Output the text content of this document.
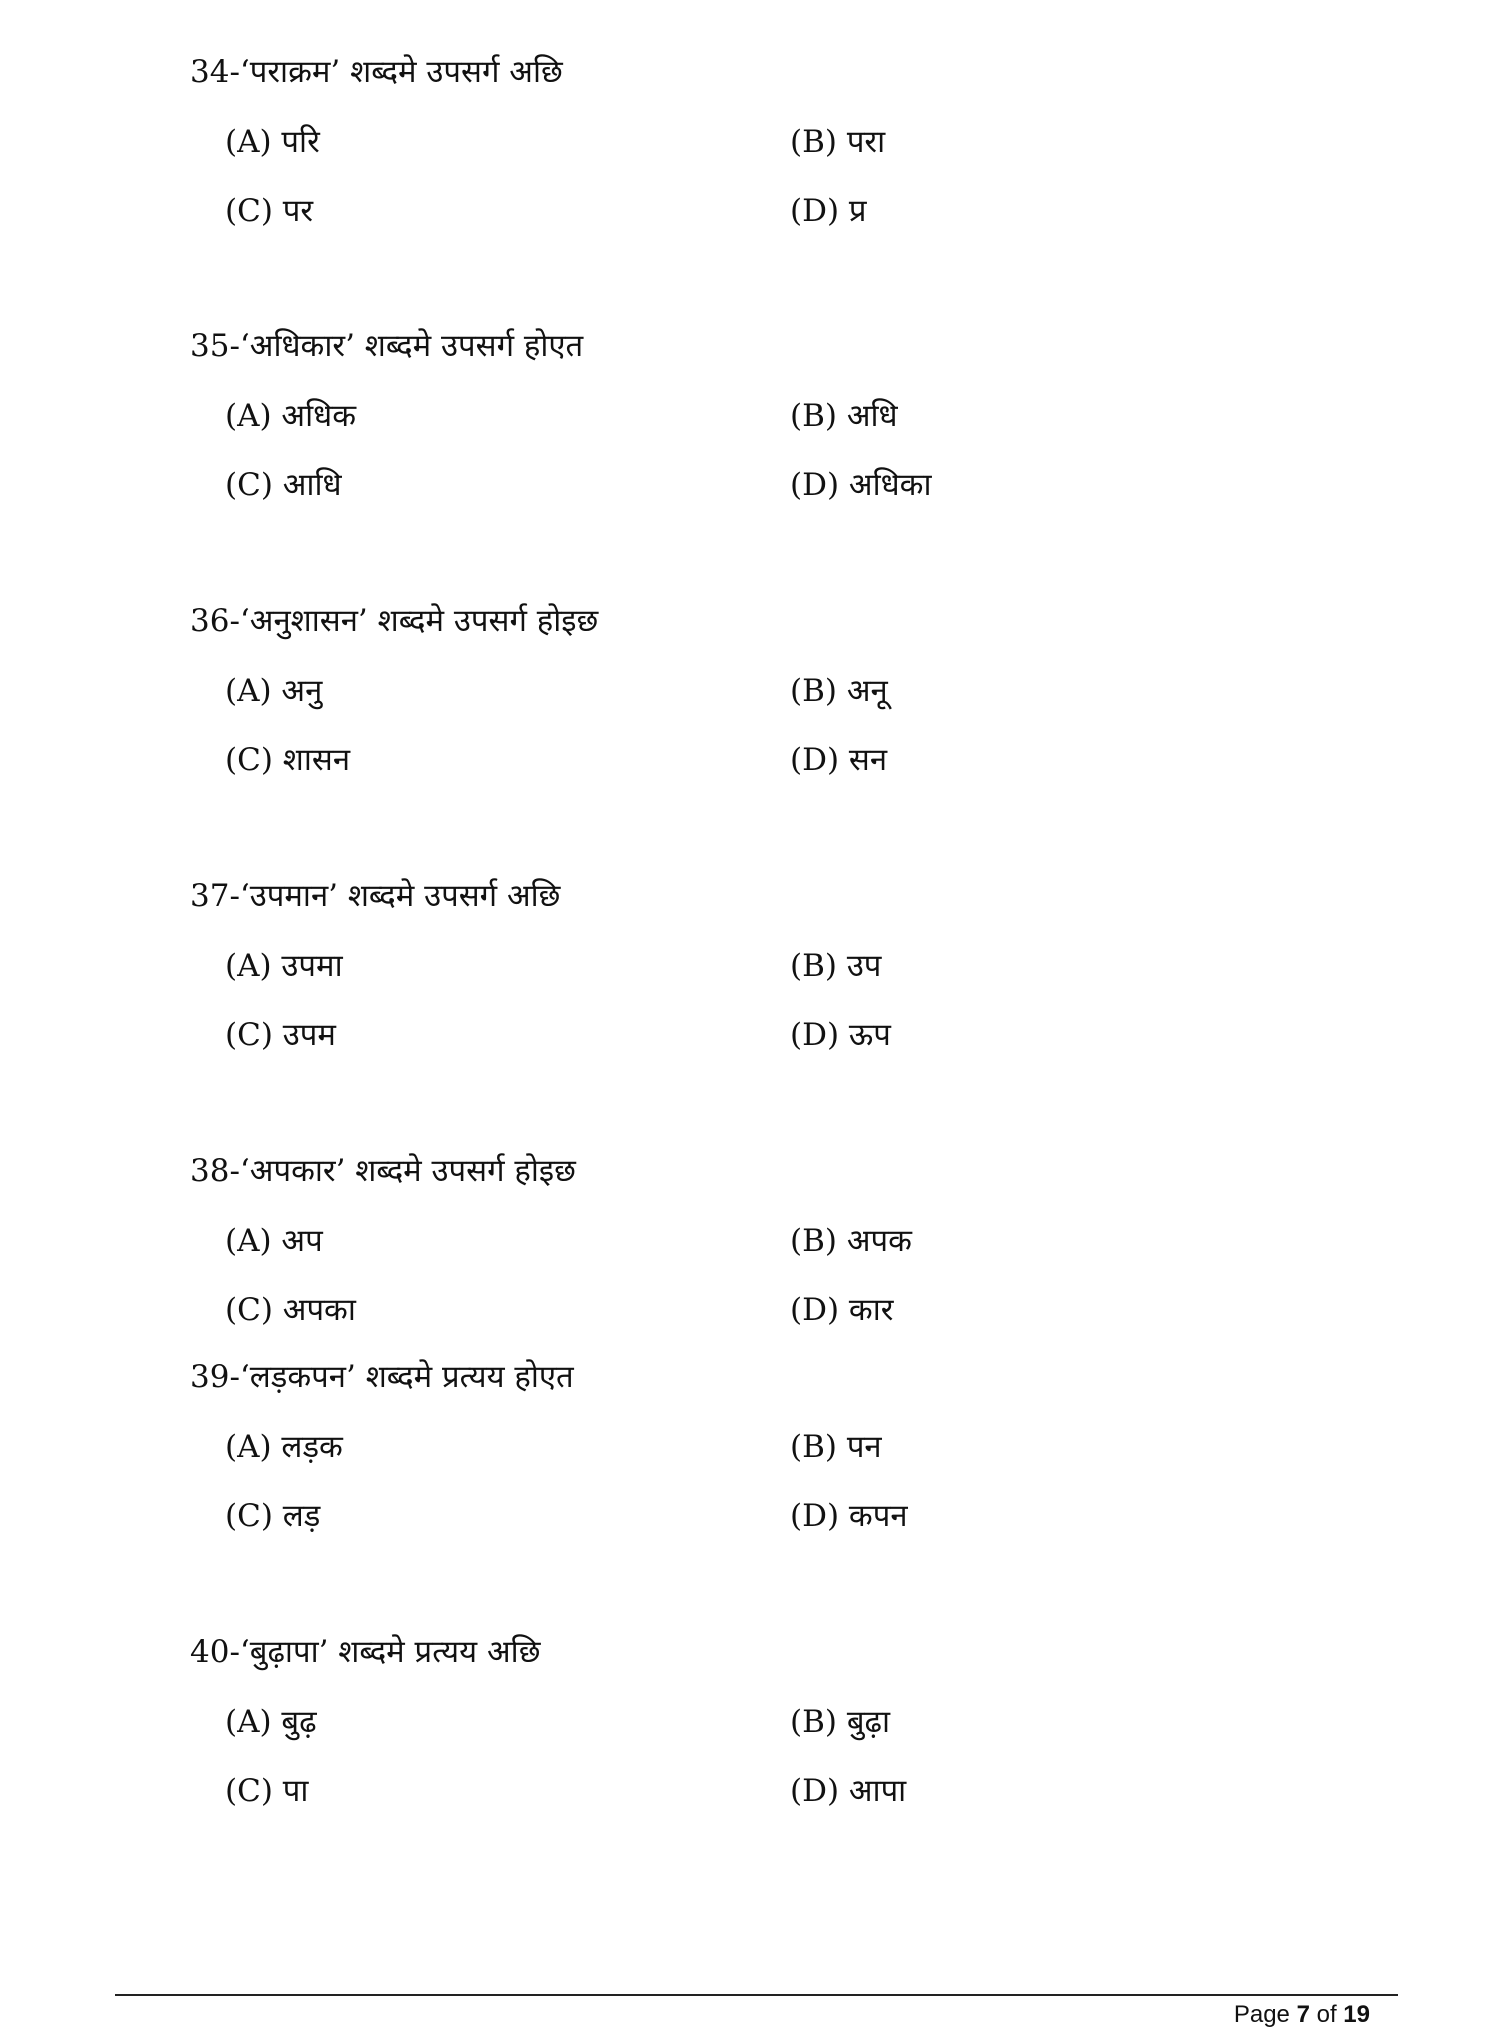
34-‘पराक्रम’ शब्दमे उपसर्ग अछि
(A) परि	(B) परा
(C) पर	(D) प्र
35-‘अधिकार’ शब्दमे उपसर्ग होएत
(A) अधिक	(B) अधि
(C) आधि	(D) अधिका
36-‘अनुशासन’ शब्दमे उपसर्ग होइछ
(A) अनु	(B) अनू
(C) शासन	(D) सन
37-‘उपमान’ शब्दमे उपसर्ग अछि
(A) उपमा	(B) उप
(C) उपम	(D) ऊप
38-‘अपकार’ शब्दमे उपसर्ग होइछ
(A) अप	(B) अपक
(C) अपका	(D) कार
39-‘लड़कपन’ शब्दमे प्रत्यय होएत
(A) लड़क	(B) पन
(C) लड़	(D) कपन
40-‘बुढ़ापा’ शब्दमे प्रत्यय अछि
(A) बुढ़	(B) बुढ़ा
(C) पा	(D) आपा
Page 7 of 19
